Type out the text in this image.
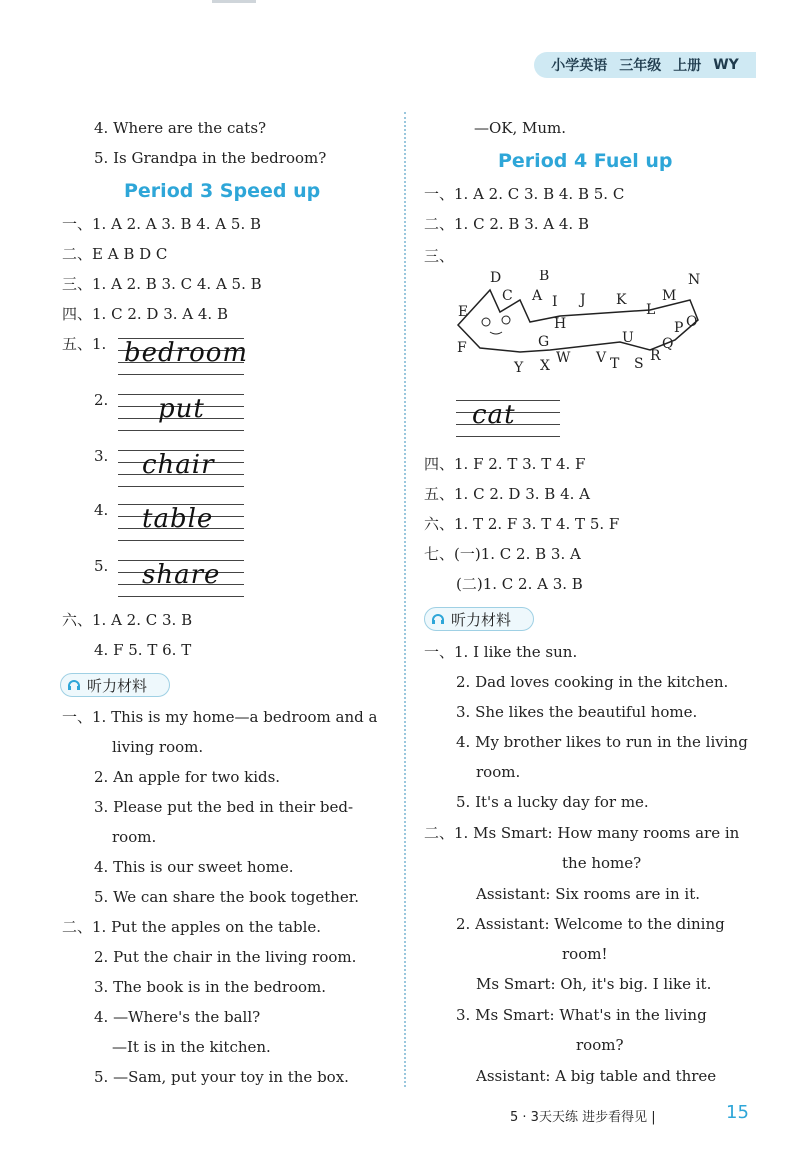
小学英语 三年级 上册 WY
4. Where are the cats?
5. Is Grandpa in the bedroom?
Period 3 Speed up
一、1. A 2. A 3. B 4. A 5. B
二、E A B D C
三、1. A 2. B 3. C 4. A 5. B
四、1. C 2. D 3. A 4. B
五、1. bedroom
2. put
3. chair
4. table
5. share
六、1. A 2. C 3. B
4. F 5. T 6. T
听力材料
一、1. This is my home—a bedroom and a
living room.
2. An apple for two kids.
3. Please put the bed in their bed-
room.
4. This is our sweet home.
5. We can share the book together.
二、1. Put the apples on the table.
2. Put the chair in the living room.
3. The book is in the bedroom.
4. —Where's the ball?
—It is in the kitchen.
5. —Sam, put your toy in the box.
—OK, Mum.
Period 4 Fuel up
一、1. A 2. C 3. B 4. B 5. C
二、1. C 2. B 3. A 4. B
三、
B
D
C A
E
F
I J K
L
M
N
O
P
Q
R
S
T
U
V
W
X
Y
H
G
cat
四、1. F 2. T 3. T 4. F
五、1. C 2. D 3. B 4. A
六、1. T 2. F 3. T 4. T 5. F
七、(一)1. C 2. B 3. A
(二)1. C 2. A 3. B
听力材料
一、1. I like the sun.
2. Dad loves cooking in the kitchen.
3. She likes the beautiful home.
4. My brother likes to run in the living
room.
5. It's a lucky day for me.
二、1. Ms Smart: How many rooms are in
the home?
Assistant: Six rooms are in it.
2. Assistant: Welcome to the dining
room!
Ms Smart: Oh, it's big. I like it.
3. Ms Smart: What's in the living
room?
Assistant: A big table and three
5 · 3天天练 进步看得见 |	15
